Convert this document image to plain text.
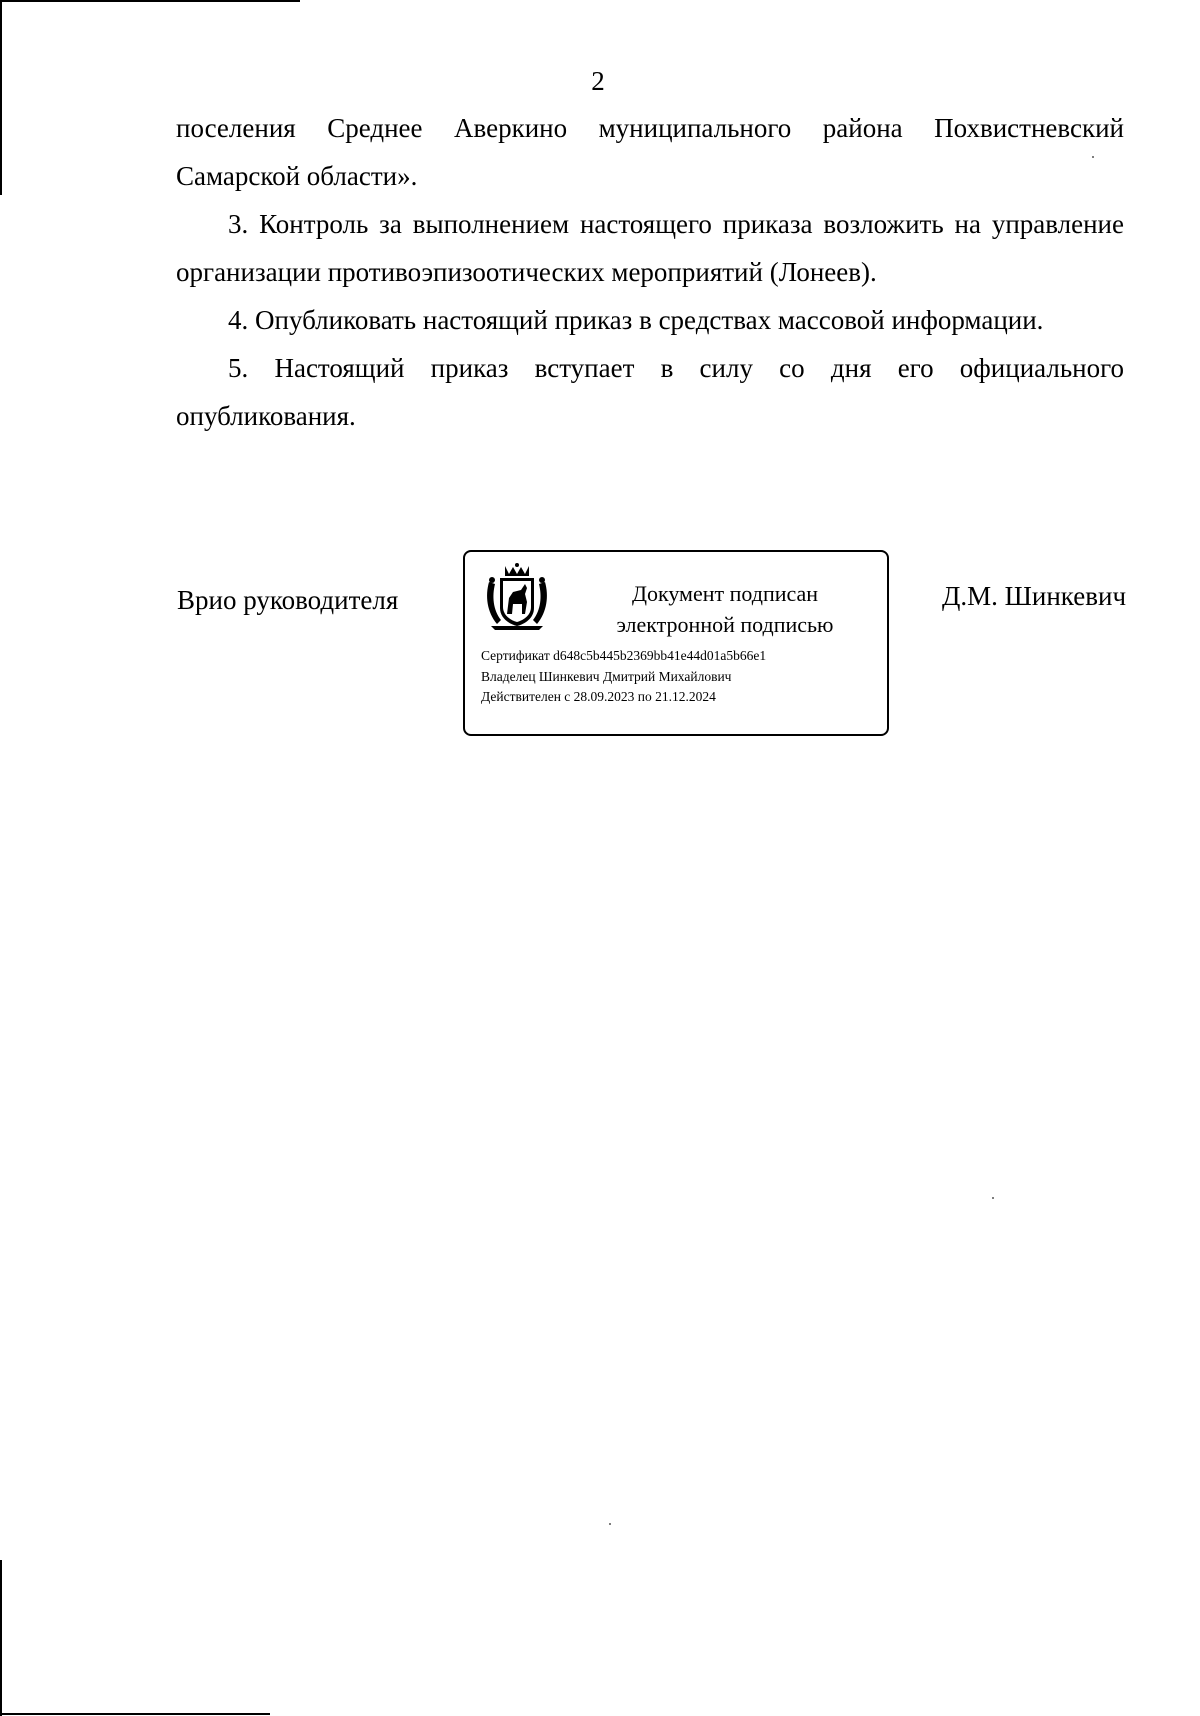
2

поселения Среднее Аверкино муниципального района Похвистневский Самарской области».

3. Контроль за выполнением настоящего приказа возложить на управление организации противоэпизоотических мероприятий (Лонеев).

4. Опубликовать настоящий приказ в средствах массовой информации.

5. Настоящий приказ вступает в силу со дня его официального опубликования.

Врио руководителя	Документ подписан
электронной подписью
Сертификат d648c5b445b2369bb41e44d01a5b66e1
Владелец Шинкевич Дмитрий Михайлович
Действителен с 28.09.2023 по 21.12.2024
Д.М. Шинкевич
